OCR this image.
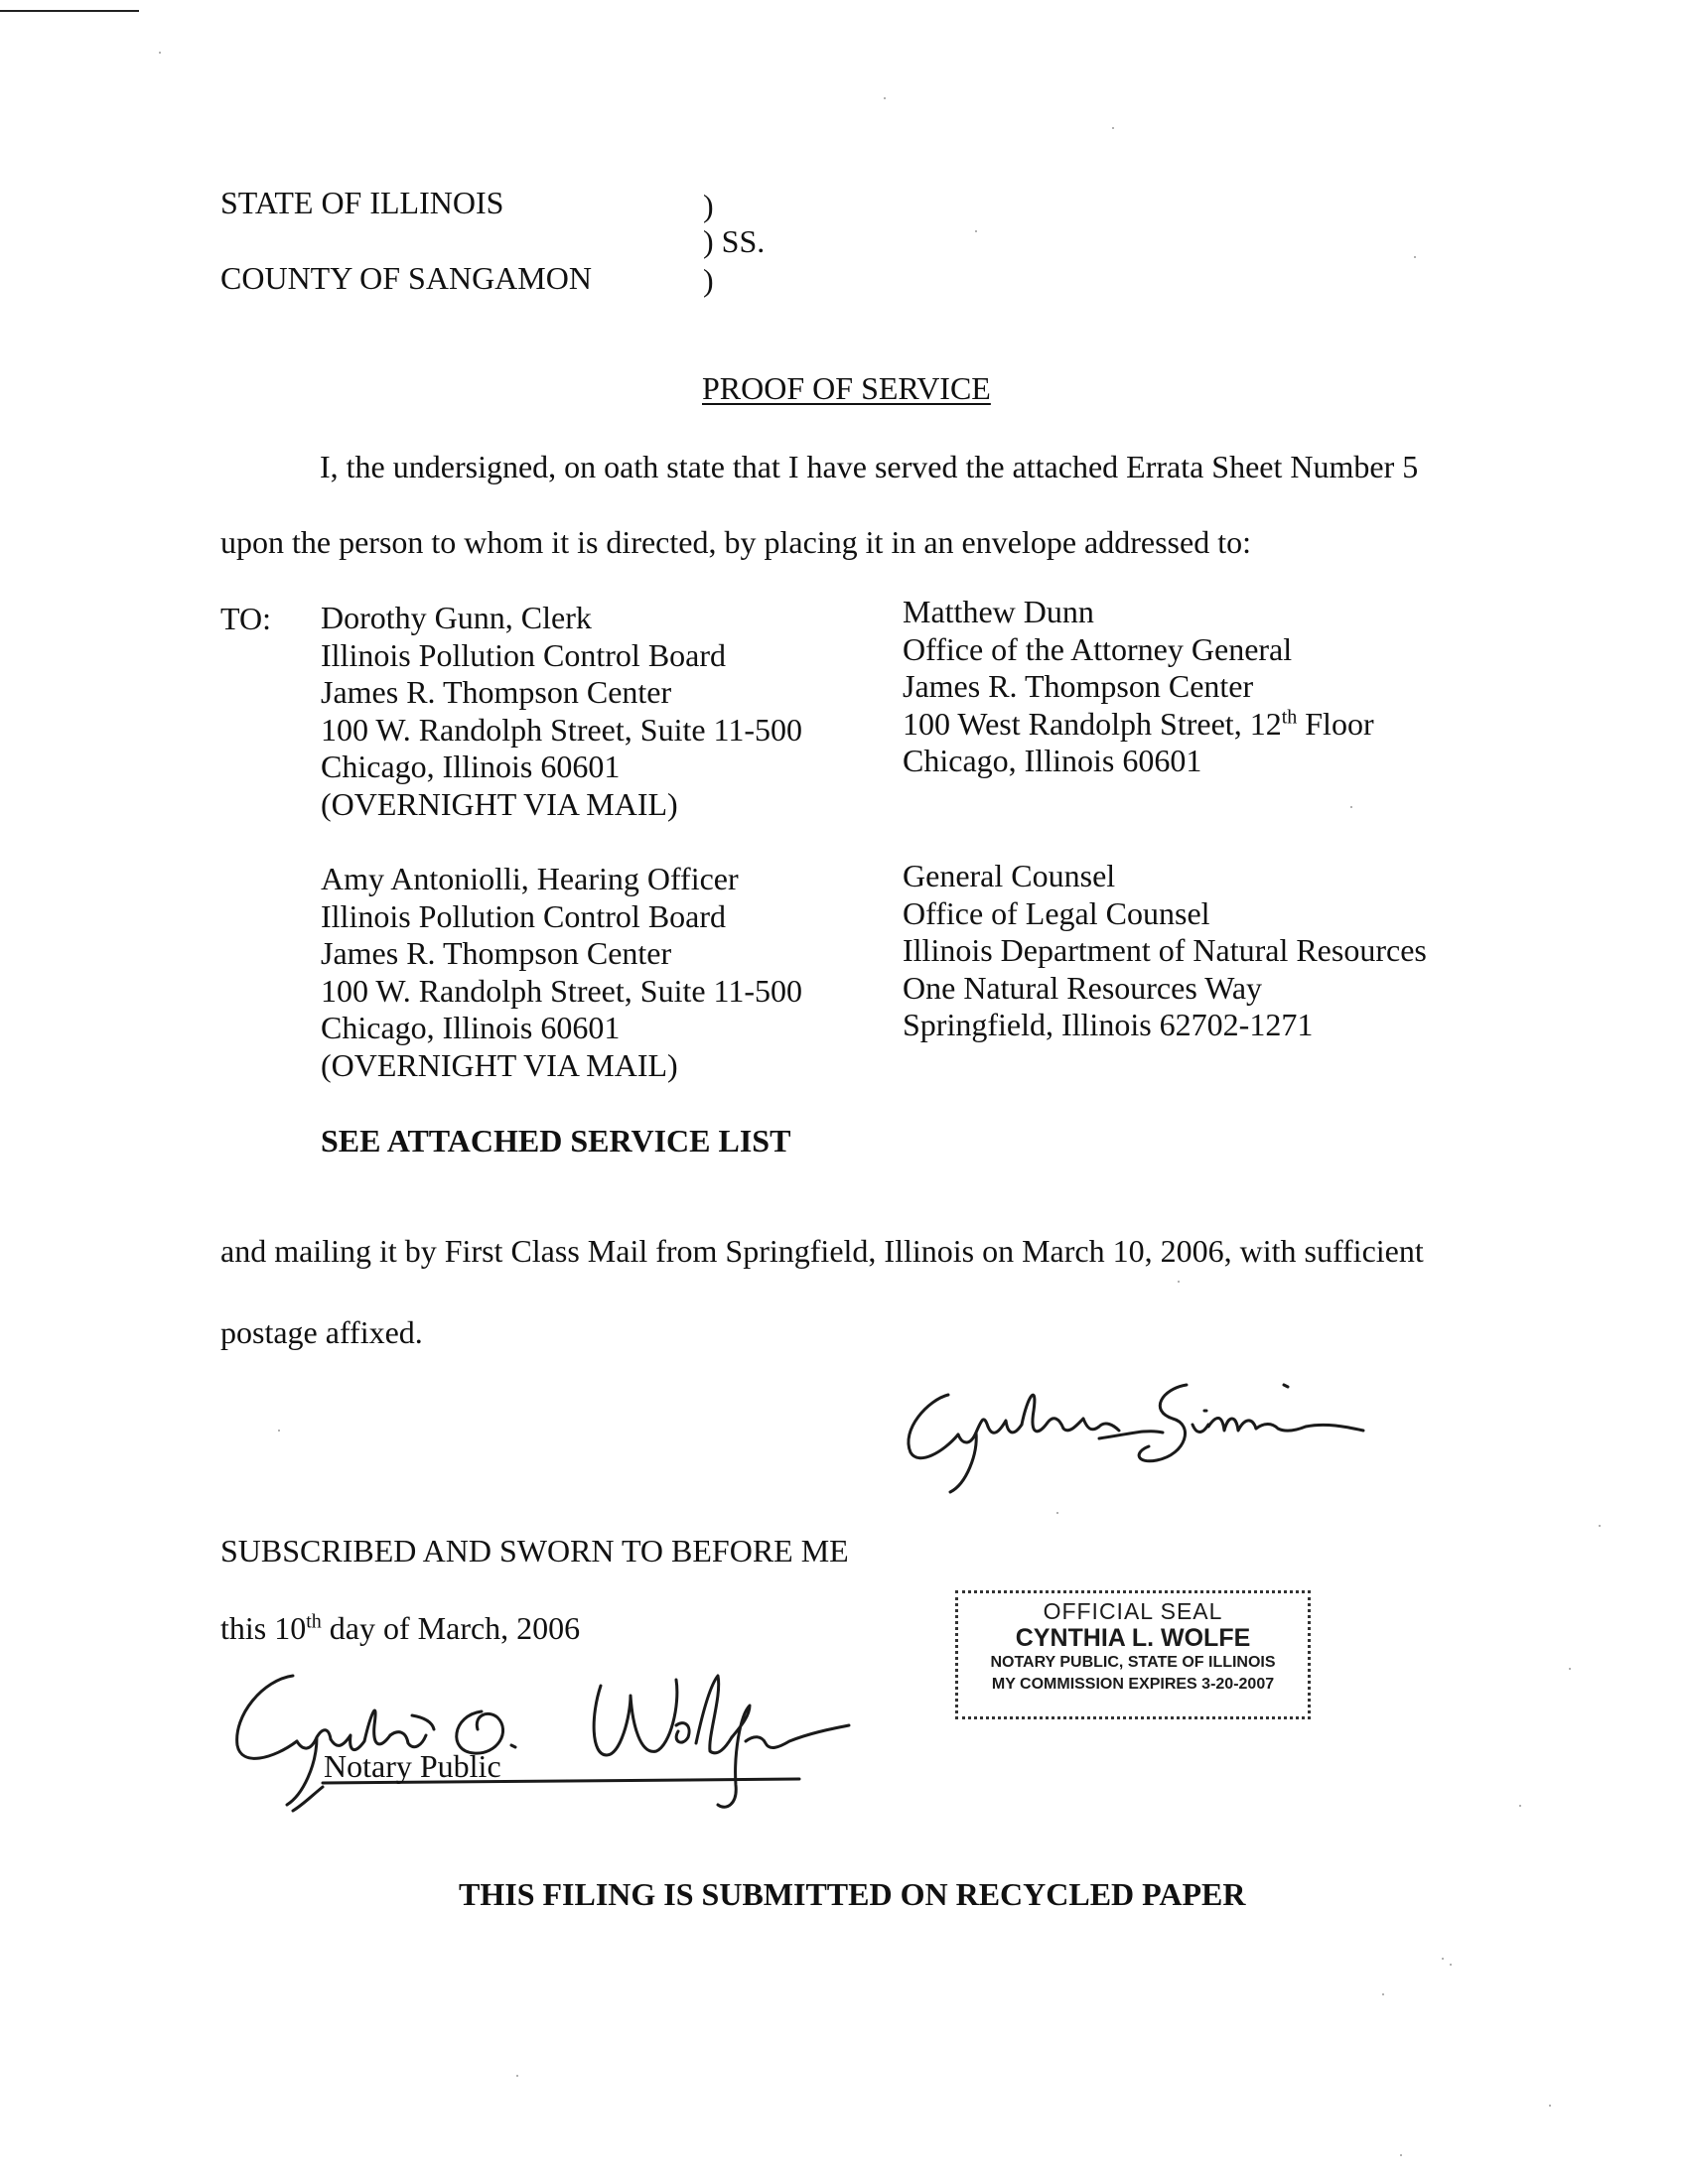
STATE OF ILLINOIS
COUNTY OF SANGAMON
)
) SS.
)
PROOF OF SERVICE
I, the undersigned, on oath state that I have served the attached Errata Sheet Number 5
upon the person to whom it is directed, by placing it in an envelope addressed to:
TO: Dorothy Gunn, Clerk
Illinois Pollution Control Board
James R. Thompson Center
100 W. Randolph Street, Suite 11-500
Chicago, Illinois 60601
(OVERNIGHT VIA MAIL)
Amy Antoniolli, Hearing Officer
Illinois Pollution Control Board
James R. Thompson Center
100 W. Randolph Street, Suite 11-500
Chicago, Illinois 60601
(OVERNIGHT VIA MAIL)
Matthew Dunn
Office of the Attorney General
James R. Thompson Center
100 West Randolph Street, 12th Floor
Chicago, Illinois 60601
General Counsel
Office of Legal Counsel
Illinois Department of Natural Resources
One Natural Resources Way
Springfield, Illinois 62702-1271
SEE ATTACHED SERVICE LIST
and mailing it by First Class Mail from Springfield, Illinois on March 10, 2006, with sufficient
postage affixed.
SUBSCRIBED AND SWORN TO BEFORE ME
this 10th day of March, 2006
Notary Public
OFFICIAL SEAL
CYNTHIA L. WOLFE
NOTARY PUBLIC, STATE OF ILLINOIS
MY COMMISSION EXPIRES 3-20-2007
THIS FILING IS SUBMITTED ON RECYCLED PAPER
